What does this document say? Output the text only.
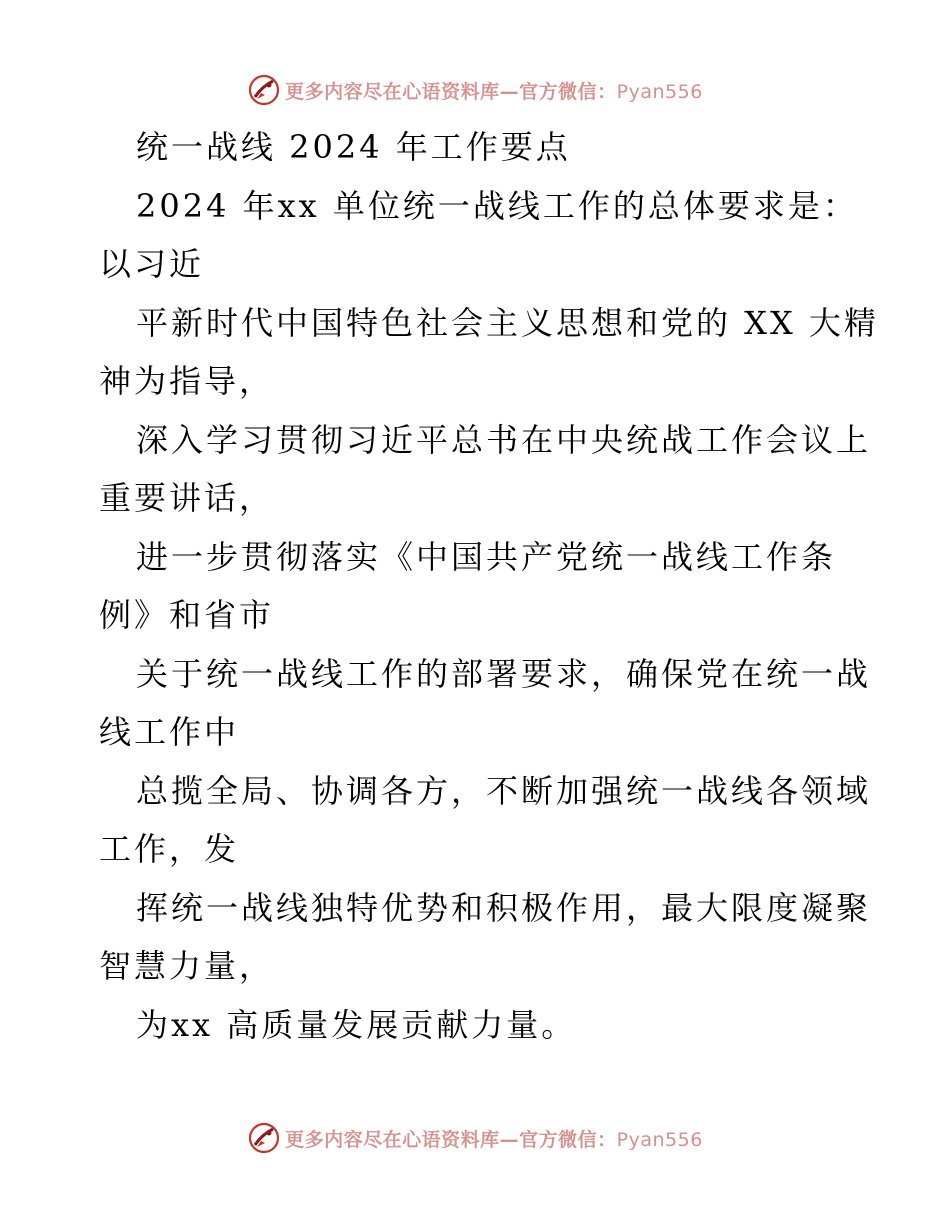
更多内容尽在心语资料库—官方微信：Pyan556
统一战线 2024 年工作要点
2024 年xx 单位统一战线工作的总体要求是：
以习近
平新时代中国特色社会主义思想和党的 XX 大精
神为指导，
深入学习贯彻习近平总书在中央统战工作会议上
重要讲话，
进一步贯彻落实《中国共产党统一战线工作条
例》和省市
关于统一战线工作的部署要求，确保党在统一战
线工作中
总揽全局、协调各方，不断加强统一战线各领域
工作，发
挥统一战线独特优势和积极作用，最大限度凝聚
智慧力量，
为xx 高质量发展贡献力量。
更多内容尽在心语资料库—官方微信：Pyan556
